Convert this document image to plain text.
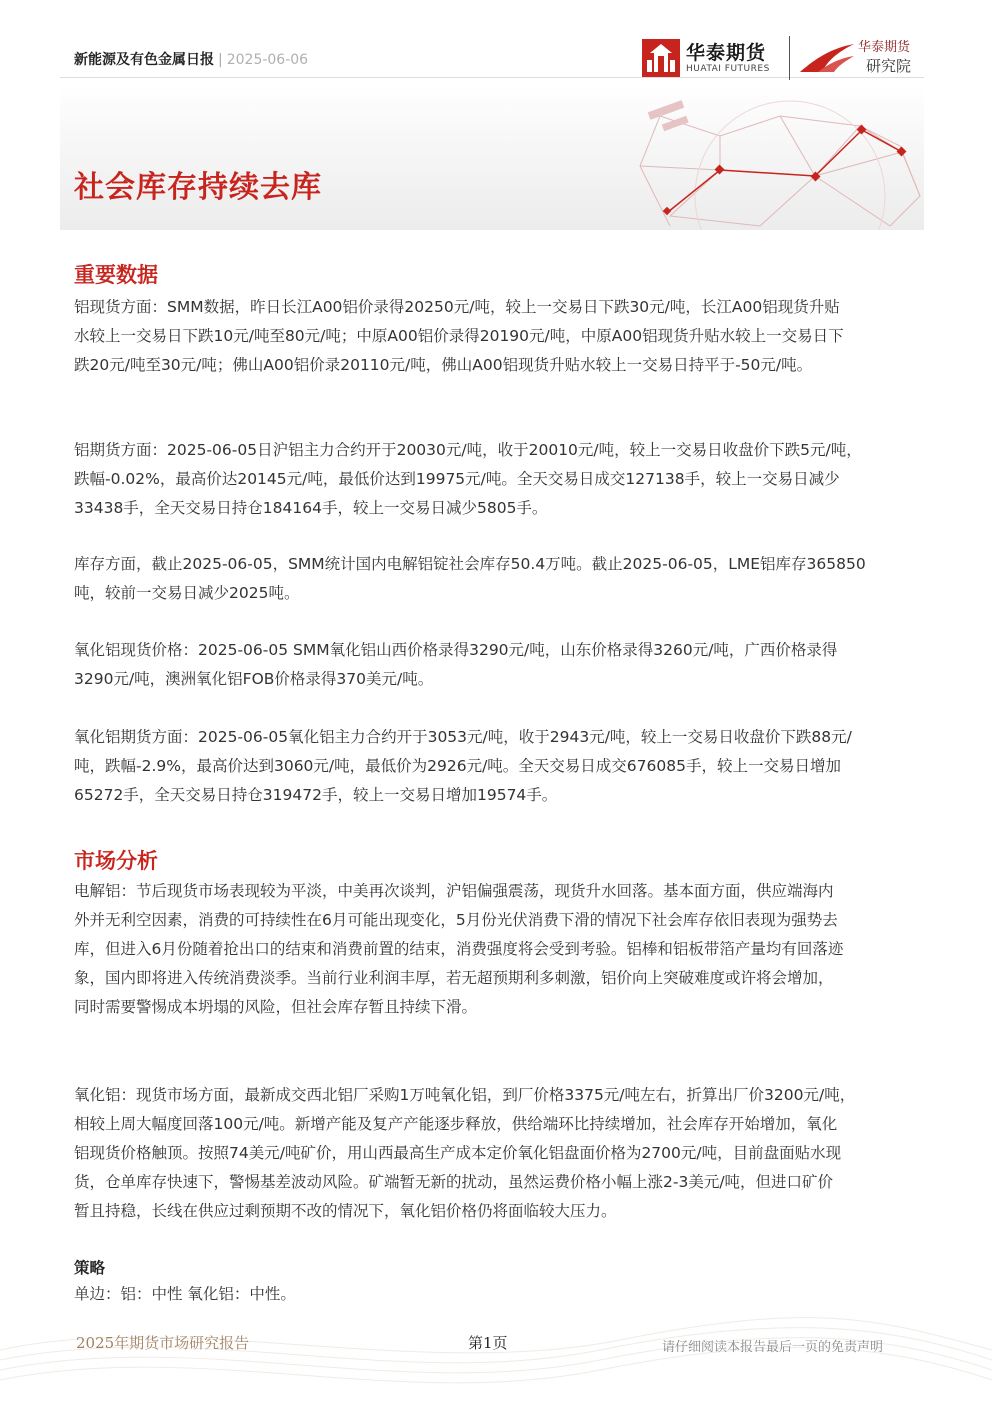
新能源及有色金属日报 | 2025-06-06	华泰期货
HUATAI FUTURES
华泰期货
研究院
社会库存持续去库
重要数据
铝现货方面：SMM数据，昨日长江A00铝价录得20250元/吨，较上一交易日下跌30元/吨，长江A00铝现货升贴
水较上一交易日下跌10元/吨至80元/吨；中原A00铝价录得20190元/吨，中原A00铝现货升贴水较上一交易日下
跌20元/吨至30元/吨；佛山A00铝价录20110元/吨，佛山A00铝现货升贴水较上一交易日持平于-50元/吨。
铝期货方面：2025-06-05日沪铝主力合约开于20030元/吨，收于20010元/吨，较上一交易日收盘价下跌5元/吨，
跌幅-0.02%，最高价达20145元/吨，最低价达到19975元/吨。全天交易日成交127138手，较上一交易日减少
33438手，全天交易日持仓184164手，较上一交易日减少5805手。
库存方面，截止2025-06-05，SMM统计国内电解铝锭社会库存50.4万吨。截止2025-06-05，LME铝库存365850
吨，较前一交易日减少2025吨。
氧化铝现货价格：2025-06-05 SMM氧化铝山西价格录得3290元/吨，山东价格录得3260元/吨，广西价格录得
3290元/吨，澳洲氧化铝FOB价格录得370美元/吨。
氧化铝期货方面：2025-06-05氧化铝主力合约开于3053元/吨，收于2943元/吨，较上一交易日收盘价下跌88元/
吨，跌幅-2.9%，最高价达到3060元/吨，最低价为2926元/吨。全天交易日成交676085手，较上一交易日增加
65272手，全天交易日持仓319472手，较上一交易日增加19574手。
市场分析
电解铝：节后现货市场表现较为平淡，中美再次谈判，沪铝偏强震荡，现货升水回落。基本面方面，供应端海内
外并无利空因素，消费的可持续性在6月可能出现变化，5月份光伏消费下滑的情况下社会库存依旧表现为强势去
库，但进入6月份随着抢出口的结束和消费前置的结束，消费强度将会受到考验。铝棒和铝板带箔产量均有回落迹
象，国内即将进入传统消费淡季。当前行业利润丰厚，若无超预期利多刺激，铝价向上突破难度或许将会增加，
同时需要警惕成本坍塌的风险，但社会库存暂且持续下滑。
氧化铝：现货市场方面，最新成交西北铝厂采购1万吨氧化铝，到厂价格3375元/吨左右，折算出厂价3200元/吨，
相较上周大幅度回落100元/吨。新增产能及复产产能逐步释放，供给端环比持续增加，社会库存开始增加，氧化
铝现货价格触顶。按照74美元/吨矿价，用山西最高生产成本定价氧化铝盘面价格为2700元/吨，目前盘面贴水现
货，仓单库存快速下，警惕基差波动风险。矿端暂无新的扰动，虽然运费价格小幅上涨2-3美元/吨，但进口矿价
暂且持稳，长线在供应过剩预期不改的情况下，氧化铝价格仍将面临较大压力。
策略
单边：铝：中性 氧化铝：中性。
2025年期货市场研究报告	第1页	请仔细阅读本报告最后一页的免责声明
